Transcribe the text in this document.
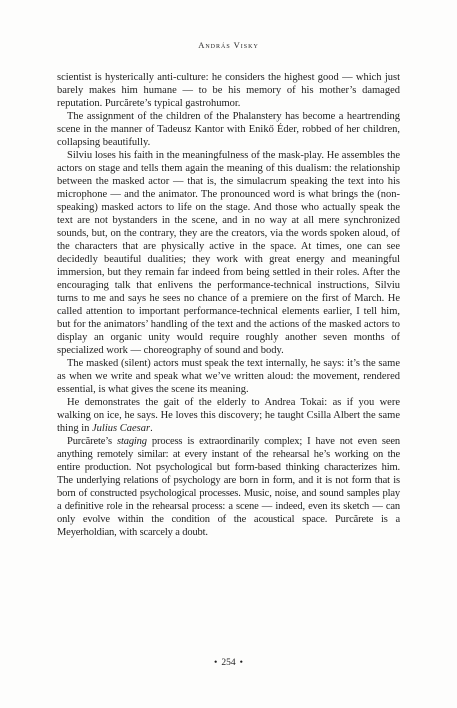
András Visky

scientist is hysterically anti-culture: he considers the highest good — which just barely makes him humane — to be his memory of his mother’s damaged reputation. Purcărete’s typical gastrohumor.

The assignment of the children of the Phalanstery has become a heartrending scene in the manner of Tadeusz Kantor with Enikő Éder, robbed of her children, collapsing beautifully.

Silviu loses his faith in the meaningfulness of the mask-play. He assembles the actors on stage and tells them again the meaning of this dualism: the relationship between the masked actor — that is, the simulacrum speaking the text into his microphone — and the animator. The pronounced word is what brings the (non-speaking) masked actors to life on the stage. And those who actually speak the text are not bystanders in the scene, and in no way at all mere synchronized sounds, but, on the contrary, they are the creators, via the words spoken aloud, of the characters that are physically active in the space. At times, one can see decidedly beautiful dualities; they work with great energy and meaningful immersion, but they remain far indeed from being settled in their roles. After the encouraging talk that enlivens the performance-technical instructions, Silviu turns to me and says he sees no chance of a premiere on the first of March. He called attention to important performance-technical elements earlier, I tell him, but for the animators’ handling of the text and the actions of the masked actors to display an organic unity would require roughly another seven months of specialized work — choreography of sound and body.

The masked (silent) actors must speak the text internally, he says: it’s the same as when we write and speak what we’ve written aloud: the movement, rendered essential, is what gives the scene its meaning.

He demonstrates the gait of the elderly to Andrea Tokai: as if you were walking on ice, he says. He loves this discovery; he taught Csilla Albert the same thing in Julius Caesar.

Purcărete’s staging process is extraordinarily complex; I have not even seen anything remotely similar: at every instant of the rehearsal he’s working on the entire production. Not psychological but form-based thinking characterizes him. The underlying relations of psychology are born in form, and it is not form that is born of constructed psychological processes. Music, noise, and sound samples play a definitive role in the rehearsal process: a scene — indeed, even its sketch — can only evolve within the condition of the acoustical space. Purcărete is a Meyerholdian, with scarcely a doubt.

• 254 •
